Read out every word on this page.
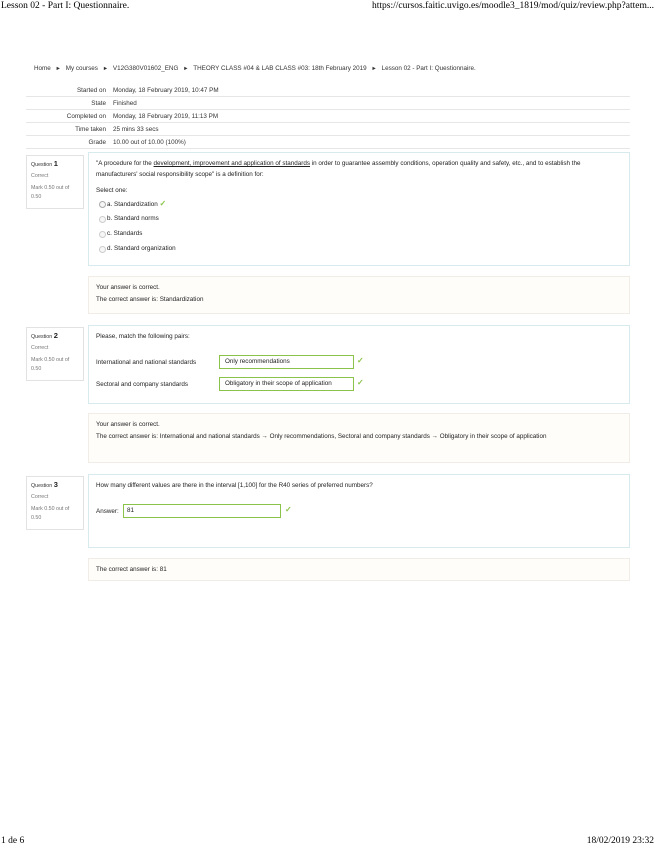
Lesson 02 - Part I: Questionnaire.	https://cursos.faitic.uvigo.es/moodle3_1819/mod/quiz/review.php?attem...
Home ► My courses ► V12G380V01602_ENG ► THEORY CLASS #04 & LAB CLASS #03: 18th February 2019 ► Lesson 02 - Part I: Questionnaire.
Started on	Monday, 18 February 2019, 10:47 PM
State	Finished
Completed on	Monday, 18 February 2019, 11:13 PM
Time taken	25 mins 33 secs
Grade	10.00 out of 10.00 (100%)
Question 1
Correct
Mark 0.50 out of 0.50
"A procedure for the development, improvement and application of standards in order to guarantee assembly conditions, operation quality and safety, etc., and to establish the manufacturers' social responsibility scope" is a definition for:
Select one:
a. Standardization ✓
b. Standard norms
c. Standards
d. Standard organization
Your answer is correct.
The correct answer is: Standardization
Question 2
Correct
Mark 0.50 out of 0.50
Please, match the following pairs:
International and national standards	Only recommendations	✓
Sectoral and company standards	Obligatory in their scope of application	✓
Your answer is correct.
The correct answer is: International and national standards → Only recommendations, Sectoral and company standards → Obligatory in their scope of application
Question 3
Correct
Mark 0.50 out of 0.50
How many different values are there in the interval [1,100] for the R40 series of preferred numbers?
Answer:	81	✓
The correct answer is: 81
1 de 6	18/02/2019 23:32
